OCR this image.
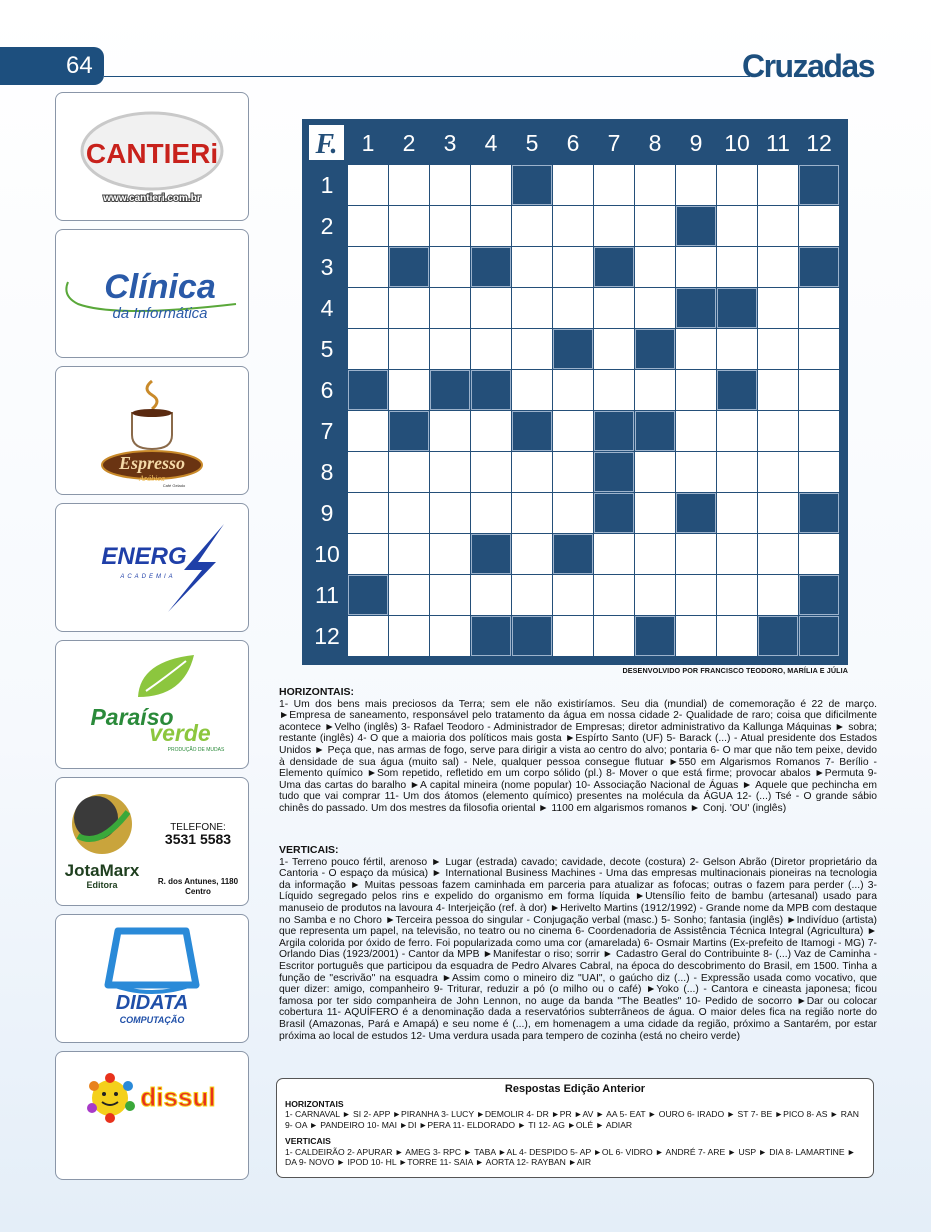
64	Cruzadas
CANTIERi
www.cantieri.com.br
Clínica
da Informática
Espresso
Arábica
Café Gelado
ENERG
ACADEMIA
Paraíso
verde
PRODUÇÃO DE MUDAS
JotaMarx
Editora
TELEFONE:
3531 5583
R. dos Antunes, 1180
Centro
DIDATA
COMPUTAÇÃO
dissul
F.	1	2	3	4	5	6	7	8	9 10 11 12
1
2
3
4
5
6
7
8
9
10
11
12
DESENVOLVIDO POR FRANCISCO TEODORO, MARÍLIA E JÚLIA
HORIZONTAIS:

1- Um dos bens mais preciosos da Terra; sem ele não existiríamos. Seu dia (mundial) de comemoração é 22 de março. ►Empresa de saneamento, responsável pelo tratamento da água em nossa cidade 2- Qualidade de raro; coisa que dificilmente acontece ►Velho (inglês) 3- Rafael Teodoro - Administrador de Empresas; diretor administrativo da Kallunga Máquinas ► sobra; restante (inglês) 4- O que a maioria dos políticos mais gosta ►Espírto Santo (UF) 5- Barack (...) - Atual presidente dos Estados Unidos ► Peça que, nas armas de fogo, serve para dirigir a vista ao centro do alvo; pontaria 6- O mar que não tem peixe, devido à densidade de sua água (muito sal) - Nele, qualquer pessoa consegue flutuar ►550 em Algarismos Romanos 7- Berílio - Elemento químico ►Som repetido, refletido em um corpo sólido (pl.) 8- Mover o que está firme; provocar abalos ►Permuta 9- Uma das cartas do baralho ►A capital mineira (nome popular) 10- Associação Nacional de Águas ► Aquele que pechincha em tudo que vai comprar 11- Um dos átomos (elemento químico) presentes na molécula da ÁGUA 12- (...) Tsé - O grande sábio chinês do passado. Um dos mestres da filosofia oriental ► 1100 em algarismos romanos ► Conj. 'OU' (inglês)

VERTICAIS:

1- Terreno pouco fértil, arenoso ► Lugar (estrada) cavado; cavidade, decote (costura) 2- Gelson Abrão (Diretor proprietário da Cantoria - O espaço da música) ► International Business Machines - Uma das empresas multinacionais pioneiras na tecnologia da informação ► Muitas pessoas fazem caminhada em parceria para atualizar as fofocas; outras o fazem para perder (...) 3- Líquido segregado pelos rins e expelido do organismo em forma líquida ►Utensílio feito de bambu (artesanal) usado para manuseio de produtos na lavoura 4- Interjeição (ref. à dor) ►Herivelto Martins (1912/1992) - Grande nome da MPB com destaque no Samba e no Choro ►Terceira pessoa do singular - Conjugação verbal (masc.) 5- Sonho; fantasia (inglês) ►Indivíduo (artista) que representa um papel, na televisão, no teatro ou no cinema 6- Coordenadoria de Assistência Técnica Integral (Agricultura) ► Argila colorida por óxido de ferro. Foi popularizada como uma cor (amarelada) 6- Osmair Martins (Ex-prefeito de Itamogi - MG) 7- Orlando Dias (1923/2001) - Cantor da MPB ►Manifestar o riso; sorrir ► Cadastro Geral do Contribuinte 8- (...) Vaz de Caminha - Escritor português que participou da esquadra de Pedro Alvares Cabral, na época do descobrimento do Brasil, em 1500. Tinha a função de "escrivão" na esquadra ►Assim como o mineiro diz "UAI", o gaúcho diz (...) - Expressão usada como vocativo, que quer dizer: amigo, companheiro 9- Triturar, reduzir a pó (o milho ou o café) ►Yoko (...) - Cantora e cineasta japonesa; ficou famosa por ter sido companheira de John Lennon, no auge da banda "The Beatles" 10- Pedido de socorro ►Dar ou colocar cobertura 11- AQUÍFERO é a denominação dada a reservatórios subterrâneos de água. O maior deles fica na região norte do Brasil (Amazonas, Pará e Amapá) e seu nome é (...), em homenagem a uma cidade da região, próximo a Santarém, por estar próxima ao local de estudos 12- Uma verdura usada para tempero de cozinha (está no cheiro verde)

Respostas Edição Anterior
HORIZONTAIS

1- CARNAVAL ► SI 2- APP ►PIRANHA 3- LUCY ►DEMOLIR 4- DR ►PR ►AV ► AA 5- EAT ► OURO 6- IRADO ► ST 7- BE ►PICO 8- AS ► RAN 9- OA ► PANDEIRO 10- MAI ►DI ►PERA 11- ELDORADO ► TI 12- AG ►OLÉ ► ADIAR

VERTICAIS

1- CALDEIRÃO 2- APURAR ► AMEG 3- RPC ► TABA ►AL 4- DESPIDO 5- AP ►OL 6- VIDRO ► ANDRÉ 7- ARE ► USP ► DIA 8- LAMARTINE ► DA 9- NOVO ► IPOD 10- HL ►TORRE 11- SAIA ► AORTA 12- RAYBAN ►AIR
